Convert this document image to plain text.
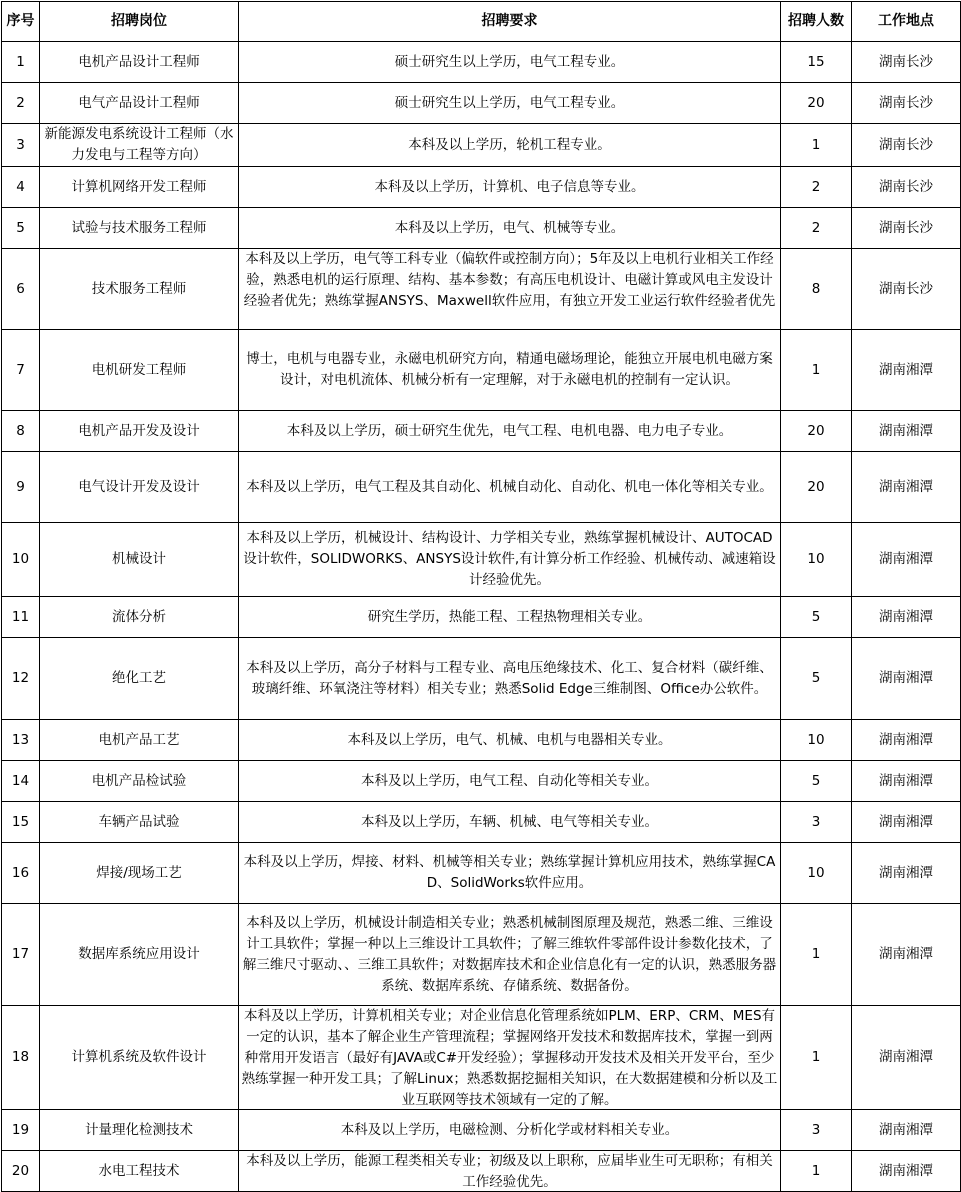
序号	招聘岗位	招聘要求	招聘人数	工作地点
1	电机产品设计工程师	硕士研究生以上学历，电气工程专业。	15	湖南长沙
2	电气产品设计工程师	硕士研究生以上学历，电气工程专业。	20	湖南长沙
3	新能源发电系统设计工程师（水力发电与工程等方向）	本科及以上学历，轮机工程专业。	1	湖南长沙
4	计算机网络开发工程师	本科及以上学历，计算机、电子信息等专业。	2	湖南长沙
5	试验与技术服务工程师	本科及以上学历，电气、机械等专业。	2	湖南长沙
6	技术服务工程师	本科及以上学历，电气等工科专业（偏软件或控制方向）；5年及以上电机行业相关工作经验，熟悉电机的运行原理、结构、基本参数；有高压电机设计、电磁计算或风电主发设计经验者优先；熟练掌握ANSYS、Maxwell软件应用，有独立开发工业运行软件经验者优先	8	湖南长沙
7	电机研发工程师	博士，电机与电器专业，永磁电机研究方向，精通电磁场理论，能独立开展电机电磁方案设计，对电机流体、机械分析有一定理解，对于永磁电机的控制有一定认识。	1	湖南湘潭
8	电机产品开发及设计	本科及以上学历，硕士研究生优先，电气工程、电机电器、电力电子专业。	20	湖南湘潭
9	电气设计开发及设计	本科及以上学历，电气工程及其自动化、机械自动化、自动化、机电一体化等相关专业。	20	湖南湘潭
10	机械设计	本科及以上学历，机械设计、结构设计、力学相关专业，熟练掌握机械设计、AUTOCAD设计软件，SOLIDWORKS、ANSYS设计软件,有计算分析工作经验、机械传动、减速箱设计经验优先。	10	湖南湘潭
11	流体分析	研究生学历，热能工程、工程热物理相关专业。	5	湖南湘潭
12	绝化工艺	本科及以上学历，高分子材料与工程专业、高电压绝缘技术、化工、复合材料（碳纤维、玻璃纤维、环氧浇注等材料）相关专业；熟悉Solid Edge三维制图、Office办公软件。	5	湖南湘潭
13	电机产品工艺	本科及以上学历，电气、机械、电机与电器相关专业。	10	湖南湘潭
14	电机产品检试验	本科及以上学历，电气工程、自动化等相关专业。	5	湖南湘潭
15	车辆产品试验	本科及以上学历，车辆、机械、电气等相关专业。	3	湖南湘潭
16	焊接/现场工艺	本科及以上学历，焊接、材料、机械等相关专业；熟练掌握计算机应用技术，熟练掌握CAD、SolidWorks软件应用。	10	湖南湘潭
17	数据库系统应用设计	本科及以上学历，机械设计制造相关专业；熟悉机械制图原理及规范，熟悉二维、三维设计工具软件；掌握一种以上三维设计工具软件；了解三维软件零部件设计参数化技术，了解三维尺寸驱动、、三维工具软件；对数据库技术和企业信息化有一定的认识，熟悉服务器系统、数据库系统、存储系统、数据备份。	1	湖南湘潭
18	计算机系统及软件设计	本科及以上学历，计算机相关专业；对企业信息化管理系统如PLM、ERP、CRM、MES有一定的认识，基本了解企业生产管理流程；掌握网络开发技术和数据库技术，掌握一到两种常用开发语言（最好有JAVA或C#开发经验）；掌握移动开发技术及相关开发平台，至少熟练掌握一种开发工具；了解Linux；熟悉数据挖掘相关知识，在大数据建模和分析以及工业互联网等技术领域有一定的了解。	1	湖南湘潭
19	计量理化检测技术	本科及以上学历，电磁检测、分析化学或材料相关专业。	3	湖南湘潭
20	水电工程技术	本科及以上学历，能源工程类相关专业；初级及以上职称，应届毕业生可无职称；有相关工作经验优先。	1	湖南湘潭
